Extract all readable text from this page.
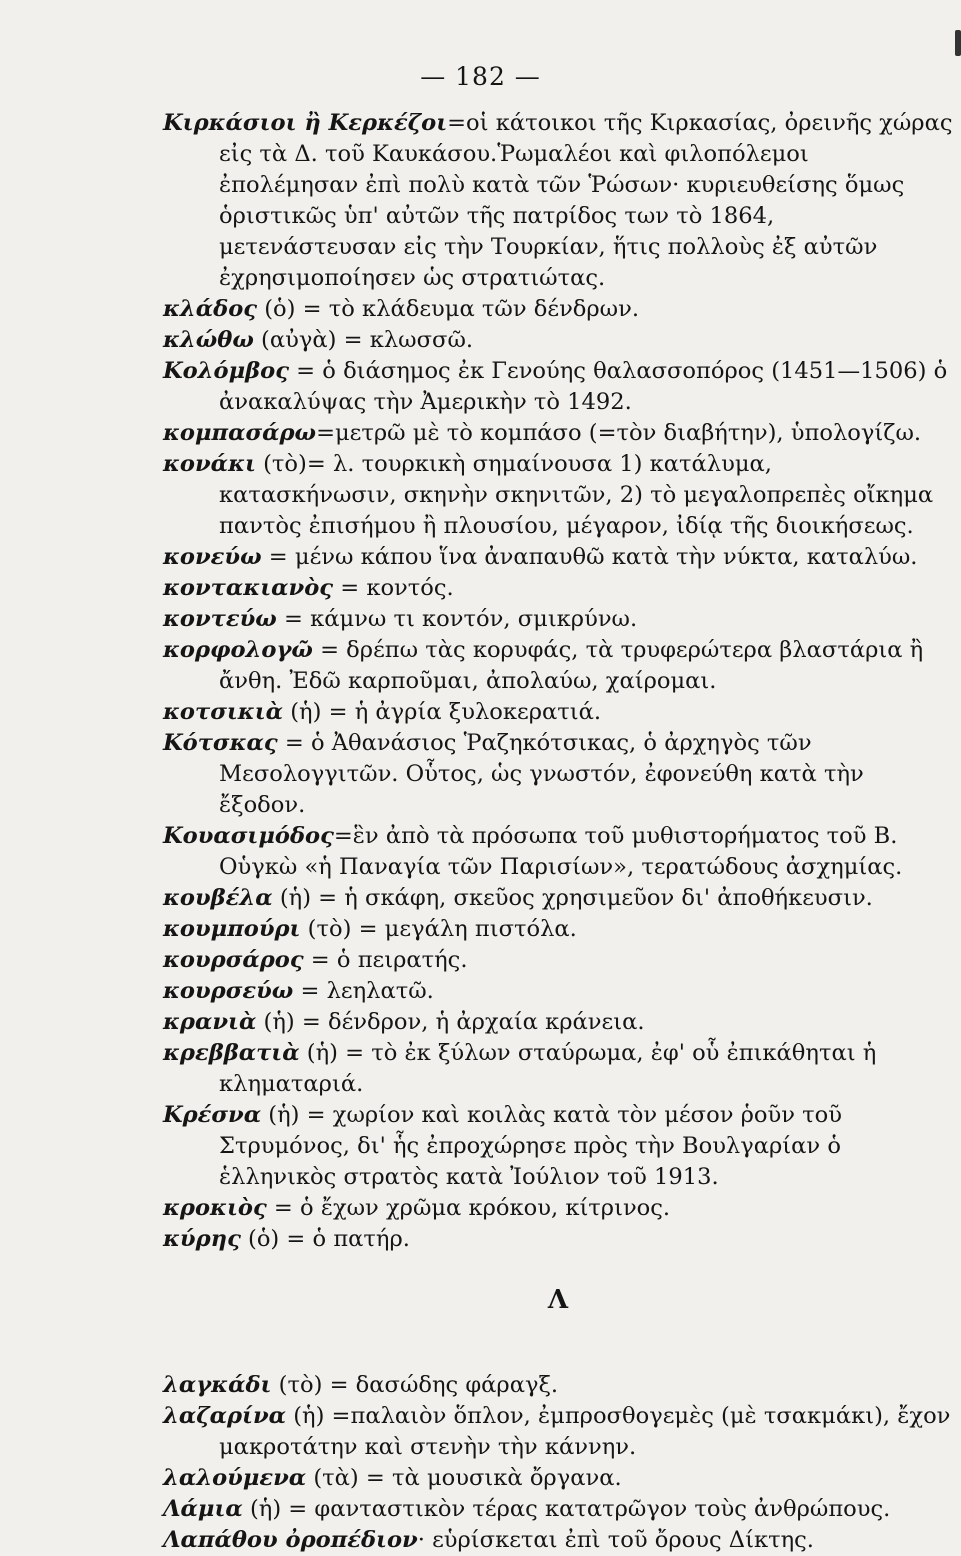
— 182 —

Κιρκάσιοι ἢ Κερκέζοι=οἱ κάτοικοι τῆς Κιρκασίας, ὀρεινῆς χώρας εἰς τὰ Δ. τοῦ Καυκάσου.Ῥωμαλέοι καὶ φιλοπόλεμοι ἐπολέμησαν ἐπὶ πολὺ κατὰ τῶν Ῥώσων· κυριευθείσης ὅμως ὁριστικῶς ὑπ' αὐτῶν τῆς πατρίδος των τὸ 1864, μετενάστευσαν εἰς τὴν Τουρκίαν, ἥτις πολλοὺς ἐξ αὐτῶν ἐχρησιμοποίησεν ὡς στρατιώτας.

κλάδος (ὁ) = τὸ κλάδευμα τῶν δένδρων.

κλώθω (αὐγὰ) = κλωσσῶ.

Κολόμβος = ὁ διάσημος ἐκ Γενούης θαλασσοπόρος (1451—1506) ὁ ἀνακαλύψας τὴν Ἀμερικὴν τὸ 1492.

κομπασάρω=μετρῶ μὲ τὸ κομπάσο (=τὸν διαβήτην), ὑπολογίζω.

κονάκι (τὸ)= λ. τουρκικὴ σημαίνουσα 1) κατάλυμα, κατασκήνωσιν, σκηνὴν σκηνιτῶν, 2) τὸ μεγαλοπρεπὲς οἴκημα παντὸς ἐπισήμου ἢ πλουσίου, μέγαρον, ἰδίᾳ τῆς διοικήσεως.

κονεύω = μένω κάπου ἵνα ἀναπαυθῶ κατὰ τὴν νύκτα, καταλύω.

κοντακιανὸς = κοντός.

κοντεύω = κάμνω τι κοντόν, σμικρύνω.

κορφολογῶ = δρέπω τὰς κορυφάς, τὰ τρυφερώτερα βλαστάρια ἢ ἄνθη. Ἐδῶ καρποῦμαι, ἀπολαύω, χαίρομαι.

κοτσικιὰ (ἡ) = ἡ ἀγρία ξυλοκερατιά.

Κότσκας = ὁ Ἀθανάσιος Ῥαζηκότσικας, ὁ ἀρχηγὸς τῶν Μεσολογγιτῶν. Οὗτος, ὡς γνωστόν, ἐφονεύθη κατὰ τὴν ἔξοδον.

Κουασιμόδος=ἓν ἀπὸ τὰ πρόσωπα τοῦ μυθιστορήματος τοῦ Β. Οὑγκὼ «ἡ Παναγία τῶν Παρισίων», τερατώδους ἀσχημίας.

κουβέλα (ἡ) = ἡ σκάφη, σκεῦος χρησιμεῦον δι' ἀποθήκευσιν.

κουμπούρι (τὸ) = μεγάλη πιστόλα.

κουρσάρος = ὁ πειρατής.

κουρσεύω = λεηλατῶ.

κρανιὰ (ἡ) = δένδρον, ἡ ἀρχαία κράνεια.

κρεββατιὰ (ἡ) = τὸ ἐκ ξύλων σταύρωμα, ἐφ' οὗ ἐπικάθηται ἡ κληματαριά.

Κρέσνα (ἡ) = χωρίον καὶ κοιλὰς κατὰ τὸν μέσον ῥοῦν τοῦ Στρυμόνος, δι' ἧς ἐπροχώρησε πρὸς τὴν Βουλγαρίαν ὁ ἑλληνικὸς στρατὸς κατὰ Ἰούλιον τοῦ 1913.

κροκιὸς = ὁ ἔχων χρῶμα κρόκου, κίτρινος.

κύρης (ὁ) = ὁ πατήρ.

Λ

λαγκάδι (τὸ) = δασώδης φάραγξ.

λαζαρίνα (ἡ) =παλαιὸν ὅπλον, ἐμπροσθογεμὲς (μὲ τσακμάκι), ἔχον μακροτάτην καὶ στενὴν τὴν κάννην.

λαλούμενα (τὰ) = τὰ μουσικὰ ὄργανα.

Λάμια (ἡ) = φανταστικὸν τέρας κατατρῶγον τοὺς ἀνθρώπους.

Λαπάθου ὀροπέδιον· εὑρίσκεται ἐπὶ τοῦ ὄρους Δίκτης.
